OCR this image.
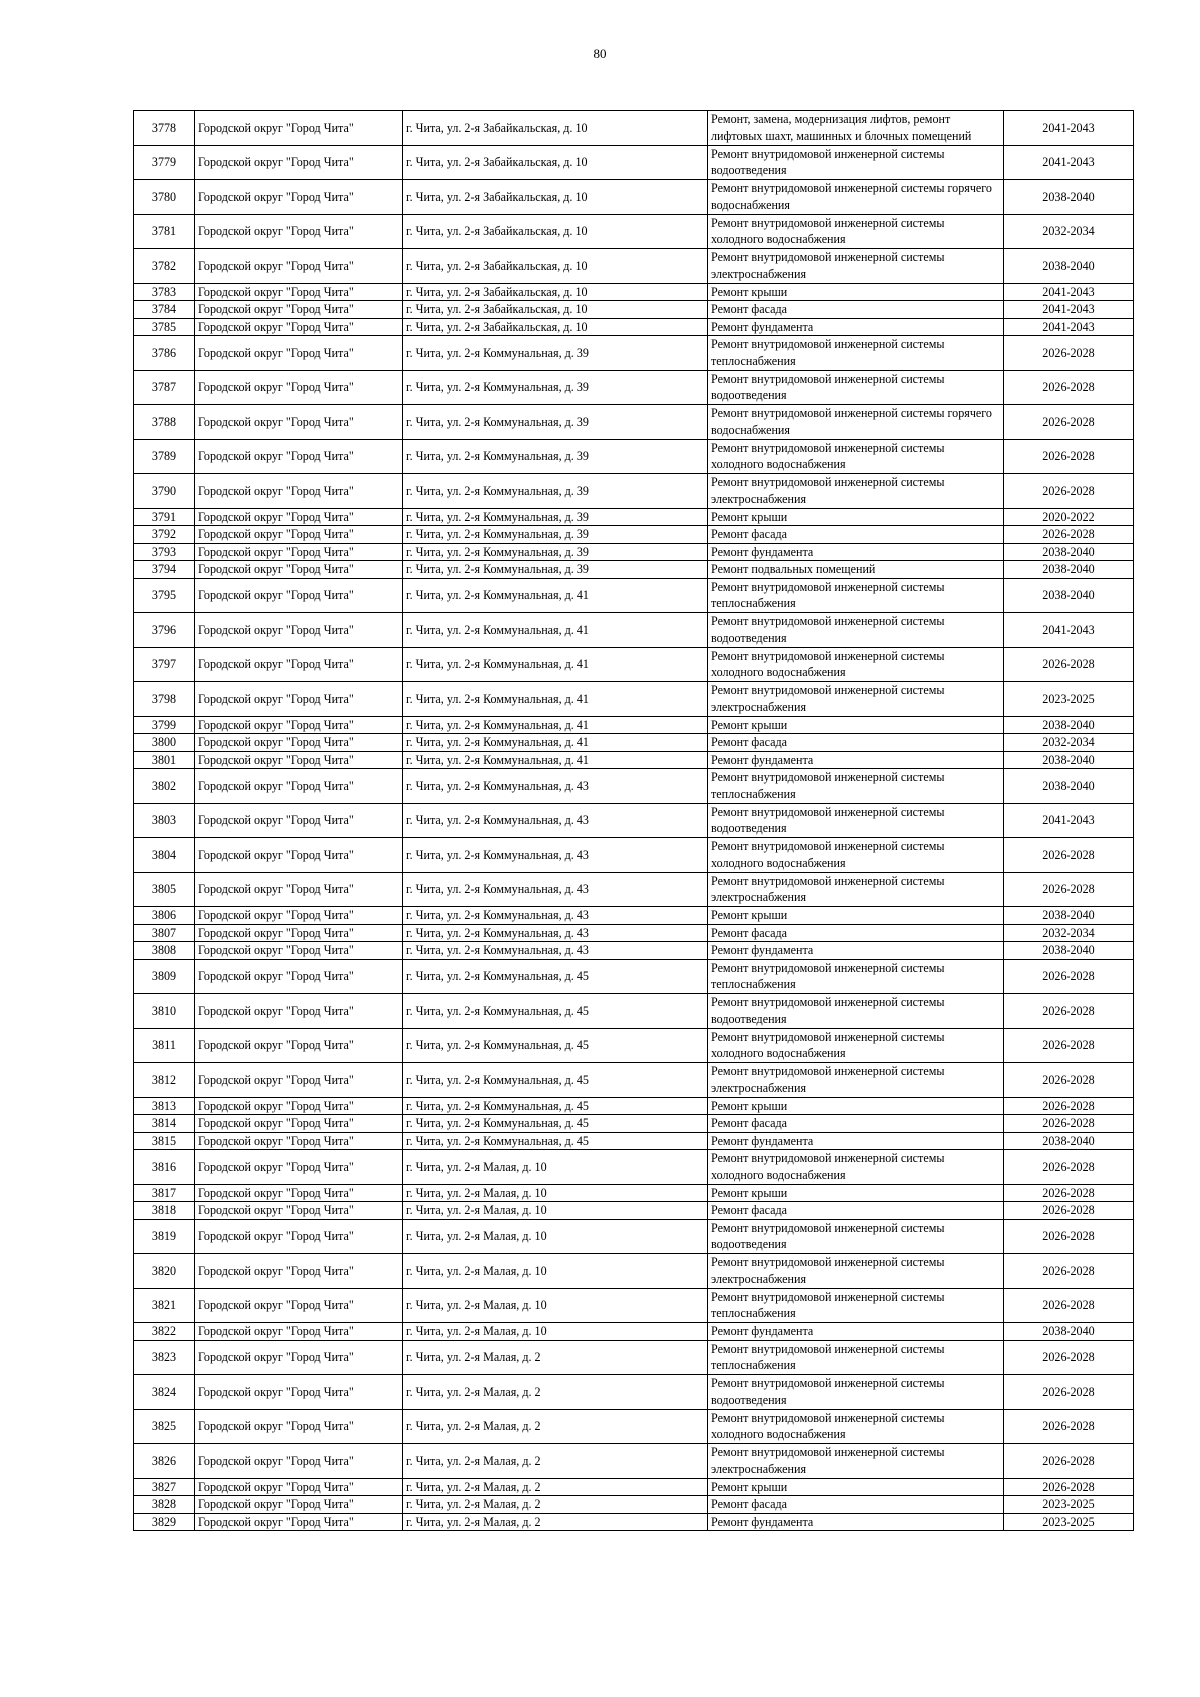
80
3778	Городской округ "Город Чита"	г. Чита, ул. 2-я Забайкальская, д. 10	Ремонт, замена, модернизация лифтов, ремонт лифтовых шахт, машинных и блочных помещений	2041-2043
3779	Городской округ "Город Чита"	г. Чита, ул. 2-я Забайкальская, д. 10	Ремонт внутридомовой инженерной системы водоотведения	2041-2043
3780	Городской округ "Город Чита"	г. Чита, ул. 2-я Забайкальская, д. 10	Ремонт внутридомовой инженерной системы горячего водоснабжения	2038-2040
3781	Городской округ "Город Чита"	г. Чита, ул. 2-я Забайкальская, д. 10	Ремонт внутридомовой инженерной системы холодного водоснабжения	2032-2034
3782	Городской округ "Город Чита"	г. Чита, ул. 2-я Забайкальская, д. 10	Ремонт внутридомовой инженерной системы электроснабжения	2038-2040
3783	Городской округ "Город Чита"	г. Чита, ул. 2-я Забайкальская, д. 10	Ремонт крыши	2041-2043
3784	Городской округ "Город Чита"	г. Чита, ул. 2-я Забайкальская, д. 10	Ремонт фасада	2041-2043
3785	Городской округ "Город Чита"	г. Чита, ул. 2-я Забайкальская, д. 10	Ремонт фундамента	2041-2043
3786	Городской округ "Город Чита"	г. Чита, ул. 2-я Коммунальная, д. 39	Ремонт внутридомовой инженерной системы теплоснабжения	2026-2028
3787	Городской округ "Город Чита"	г. Чита, ул. 2-я Коммунальная, д. 39	Ремонт внутридомовой инженерной системы водоотведения	2026-2028
3788	Городской округ "Город Чита"	г. Чита, ул. 2-я Коммунальная, д. 39	Ремонт внутридомовой инженерной системы горячего водоснабжения	2026-2028
3789	Городской округ "Город Чита"	г. Чита, ул. 2-я Коммунальная, д. 39	Ремонт внутридомовой инженерной системы холодного водоснабжения	2026-2028
3790	Городской округ "Город Чита"	г. Чита, ул. 2-я Коммунальная, д. 39	Ремонт внутридомовой инженерной системы электроснабжения	2026-2028
3791	Городской округ "Город Чита"	г. Чита, ул. 2-я Коммунальная, д. 39	Ремонт крыши	2020-2022
3792	Городской округ "Город Чита"	г. Чита, ул. 2-я Коммунальная, д. 39	Ремонт фасада	2026-2028
3793	Городской округ "Город Чита"	г. Чита, ул. 2-я Коммунальная, д. 39	Ремонт фундамента	2038-2040
3794	Городской округ "Город Чита"	г. Чита, ул. 2-я Коммунальная, д. 39	Ремонт подвальных помещений	2038-2040
3795	Городской округ "Город Чита"	г. Чита, ул. 2-я Коммунальная, д. 41	Ремонт внутридомовой инженерной системы теплоснабжения	2038-2040
3796	Городской округ "Город Чита"	г. Чита, ул. 2-я Коммунальная, д. 41	Ремонт внутридомовой инженерной системы водоотведения	2041-2043
3797	Городской округ "Город Чита"	г. Чита, ул. 2-я Коммунальная, д. 41	Ремонт внутридомовой инженерной системы холодного водоснабжения	2026-2028
3798	Городской округ "Город Чита"	г. Чита, ул. 2-я Коммунальная, д. 41	Ремонт внутридомовой инженерной системы электроснабжения	2023-2025
3799	Городской округ "Город Чита"	г. Чита, ул. 2-я Коммунальная, д. 41	Ремонт крыши	2038-2040
3800	Городской округ "Город Чита"	г. Чита, ул. 2-я Коммунальная, д. 41	Ремонт фасада	2032-2034
3801	Городской округ "Город Чита"	г. Чита, ул. 2-я Коммунальная, д. 41	Ремонт фундамента	2038-2040
3802	Городской округ "Город Чита"	г. Чита, ул. 2-я Коммунальная, д. 43	Ремонт внутридомовой инженерной системы теплоснабжения	2038-2040
3803	Городской округ "Город Чита"	г. Чита, ул. 2-я Коммунальная, д. 43	Ремонт внутридомовой инженерной системы водоотведения	2041-2043
3804	Городской округ "Город Чита"	г. Чита, ул. 2-я Коммунальная, д. 43	Ремонт внутридомовой инженерной системы холодного водоснабжения	2026-2028
3805	Городской округ "Город Чита"	г. Чита, ул. 2-я Коммунальная, д. 43	Ремонт внутридомовой инженерной системы электроснабжения	2026-2028
3806	Городской округ "Город Чита"	г. Чита, ул. 2-я Коммунальная, д. 43	Ремонт крыши	2038-2040
3807	Городской округ "Город Чита"	г. Чита, ул. 2-я Коммунальная, д. 43	Ремонт фасада	2032-2034
3808	Городской округ "Город Чита"	г. Чита, ул. 2-я Коммунальная, д. 43	Ремонт фундамента	2038-2040
3809	Городской округ "Город Чита"	г. Чита, ул. 2-я Коммунальная, д. 45	Ремонт внутридомовой инженерной системы теплоснабжения	2026-2028
3810	Городской округ "Город Чита"	г. Чита, ул. 2-я Коммунальная, д. 45	Ремонт внутридомовой инженерной системы водоотведения	2026-2028
3811	Городской округ "Город Чита"	г. Чита, ул. 2-я Коммунальная, д. 45	Ремонт внутридомовой инженерной системы холодного водоснабжения	2026-2028
3812	Городской округ "Город Чита"	г. Чита, ул. 2-я Коммунальная, д. 45	Ремонт внутридомовой инженерной системы электроснабжения	2026-2028
3813	Городской округ "Город Чита"	г. Чита, ул. 2-я Коммунальная, д. 45	Ремонт крыши	2026-2028
3814	Городской округ "Город Чита"	г. Чита, ул. 2-я Коммунальная, д. 45	Ремонт фасада	2026-2028
3815	Городской округ "Город Чита"	г. Чита, ул. 2-я Коммунальная, д. 45	Ремонт фундамента	2038-2040
3816	Городской округ "Город Чита"	г. Чита, ул. 2-я Малая, д. 10	Ремонт внутридомовой инженерной системы холодного водоснабжения	2026-2028
3817	Городской округ "Город Чита"	г. Чита, ул. 2-я Малая, д. 10	Ремонт крыши	2026-2028
3818	Городской округ "Город Чита"	г. Чита, ул. 2-я Малая, д. 10	Ремонт фасада	2026-2028
3819	Городской округ "Город Чита"	г. Чита, ул. 2-я Малая, д. 10	Ремонт внутридомовой инженерной системы водоотведения	2026-2028
3820	Городской округ "Город Чита"	г. Чита, ул. 2-я Малая, д. 10	Ремонт внутридомовой инженерной системы электроснабжения	2026-2028
3821	Городской округ "Город Чита"	г. Чита, ул. 2-я Малая, д. 10	Ремонт внутридомовой инженерной системы теплоснабжения	2026-2028
3822	Городской округ "Город Чита"	г. Чита, ул. 2-я Малая, д. 10	Ремонт фундамента	2038-2040
3823	Городской округ "Город Чита"	г. Чита, ул. 2-я Малая, д. 2	Ремонт внутридомовой инженерной системы теплоснабжения	2026-2028
3824	Городской округ "Город Чита"	г. Чита, ул. 2-я Малая, д. 2	Ремонт внутридомовой инженерной системы водоотведения	2026-2028
3825	Городской округ "Город Чита"	г. Чита, ул. 2-я Малая, д. 2	Ремонт внутридомовой инженерной системы холодного водоснабжения	2026-2028
3826	Городской округ "Город Чита"	г. Чита, ул. 2-я Малая, д. 2	Ремонт внутридомовой инженерной системы электроснабжения	2026-2028
3827	Городской округ "Город Чита"	г. Чита, ул. 2-я Малая, д. 2	Ремонт крыши	2026-2028
3828	Городской округ "Город Чита"	г. Чита, ул. 2-я Малая, д. 2	Ремонт фасада	2023-2025
3829	Городской округ "Город Чита"	г. Чита, ул. 2-я Малая, д. 2	Ремонт фундамента	2023-2025
